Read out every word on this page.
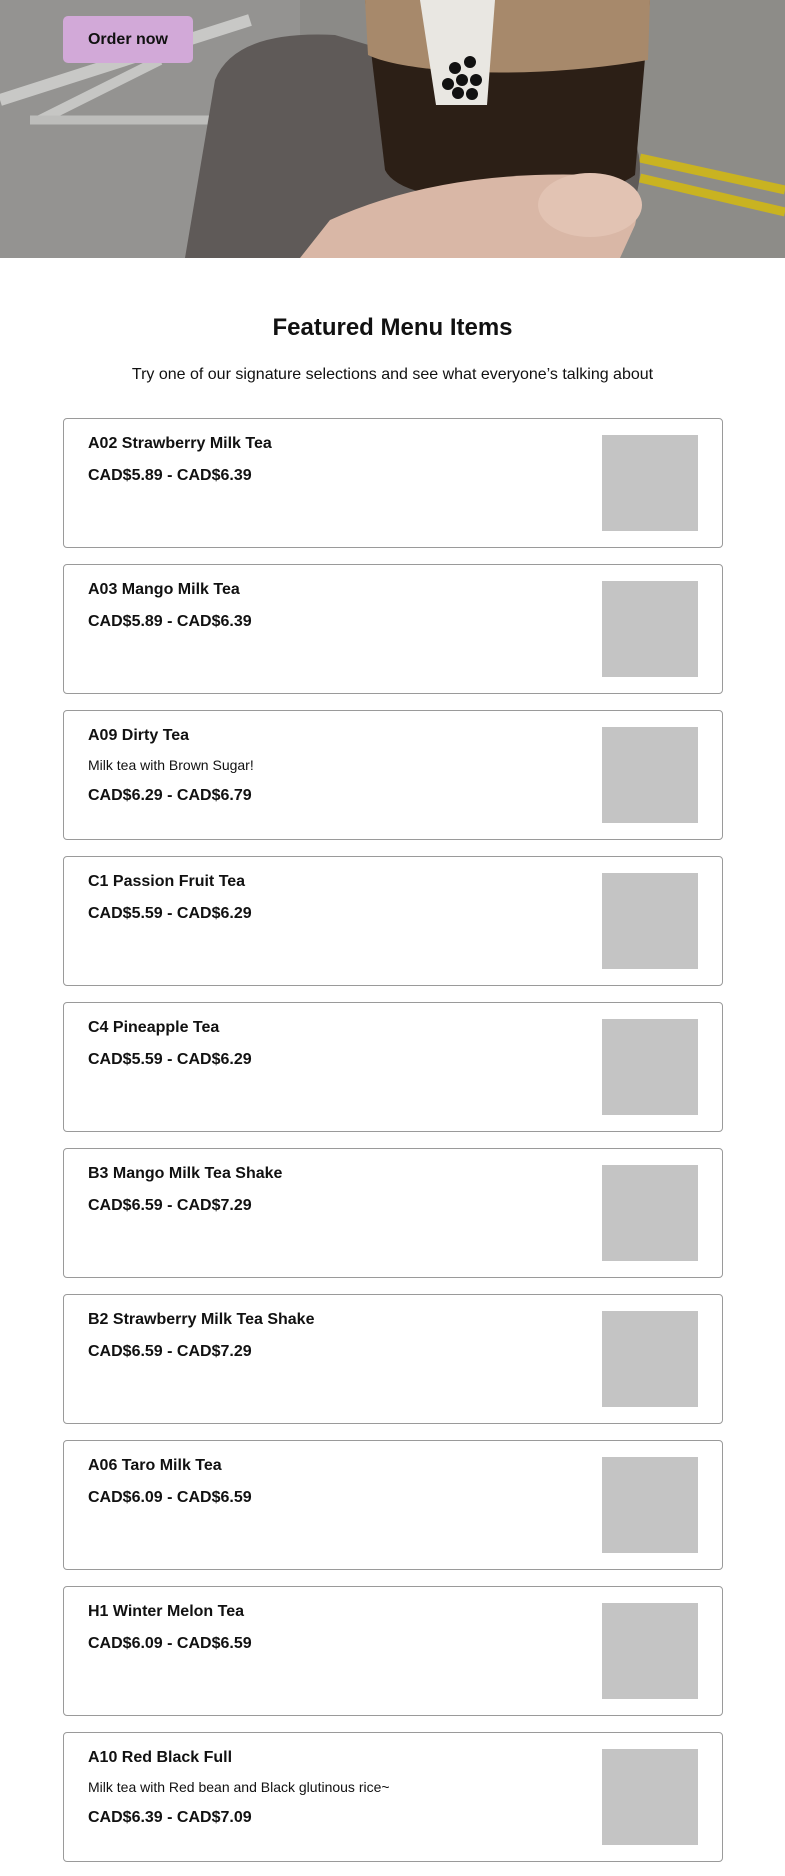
Order now
Featured Menu Items

Try one of our signature selections and see what everyone’s talking about

A02 Strawberry Milk Tea
CAD$5.89 - CAD$6.39
A03 Mango Milk Tea
CAD$5.89 - CAD$6.39
A09 Dirty Tea
Milk tea with Brown Sugar!
CAD$6.29 - CAD$6.79
C1 Passion Fruit Tea
CAD$5.59 - CAD$6.29
C4 Pineapple Tea
CAD$5.59 - CAD$6.29
B3 Mango Milk Tea Shake
CAD$6.59 - CAD$7.29
B2 Strawberry Milk Tea Shake
CAD$6.59 - CAD$7.29
A06 Taro Milk Tea
CAD$6.09 - CAD$6.59
H1 Winter Melon Tea
CAD$6.09 - CAD$6.59
A10 Red Black Full
Milk tea with Red bean and Black glutinous rice~
CAD$6.39 - CAD$7.09
